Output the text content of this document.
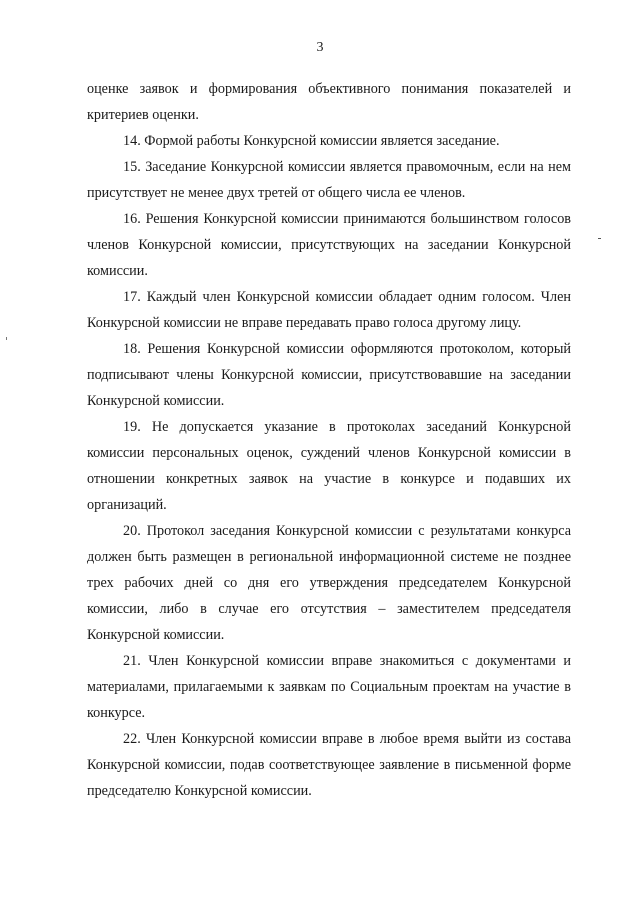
3

оценке заявок и формирования объективного понимания показателей и критериев оценки.

14. Формой работы Конкурсной комиссии является заседание.

15. Заседание Конкурсной комиссии является правомочным, если на нем присутствует не менее двух третей от общего числа ее членов.

16. Решения Конкурсной комиссии принимаются большинством голосов членов Конкурсной комиссии, присутствующих на заседании Конкурсной комиссии.

17. Каждый член Конкурсной комиссии обладает одним голосом. Член Конкурсной комиссии не вправе передавать право голоса другому лицу.

18. Решения Конкурсной комиссии оформляются протоколом, который подписывают члены Конкурсной комиссии, присутствовавшие на заседании Конкурсной комиссии.

19. Не допускается указание в протоколах заседаний Конкурсной комиссии персональных оценок, суждений членов Конкурсной комиссии в отношении конкретных заявок на участие в конкурсе и подавших их организаций.

20. Протокол заседания Конкурсной комиссии с результатами конкурса должен быть размещен в региональной информационной системе не позднее трех рабочих дней со дня его утверждения председателем Конкурсной комиссии, либо в случае его отсутствия – заместителем председателя Конкурсной комиссии.

21. Член Конкурсной комиссии вправе знакомиться с документами и материалами, прилагаемыми к заявкам по Социальным проектам на участие в конкурсе.

22. Член Конкурсной комиссии вправе в любое время выйти из состава Конкурсной комиссии, подав соответствующее заявление в письменной форме председателю Конкурсной комиссии.
